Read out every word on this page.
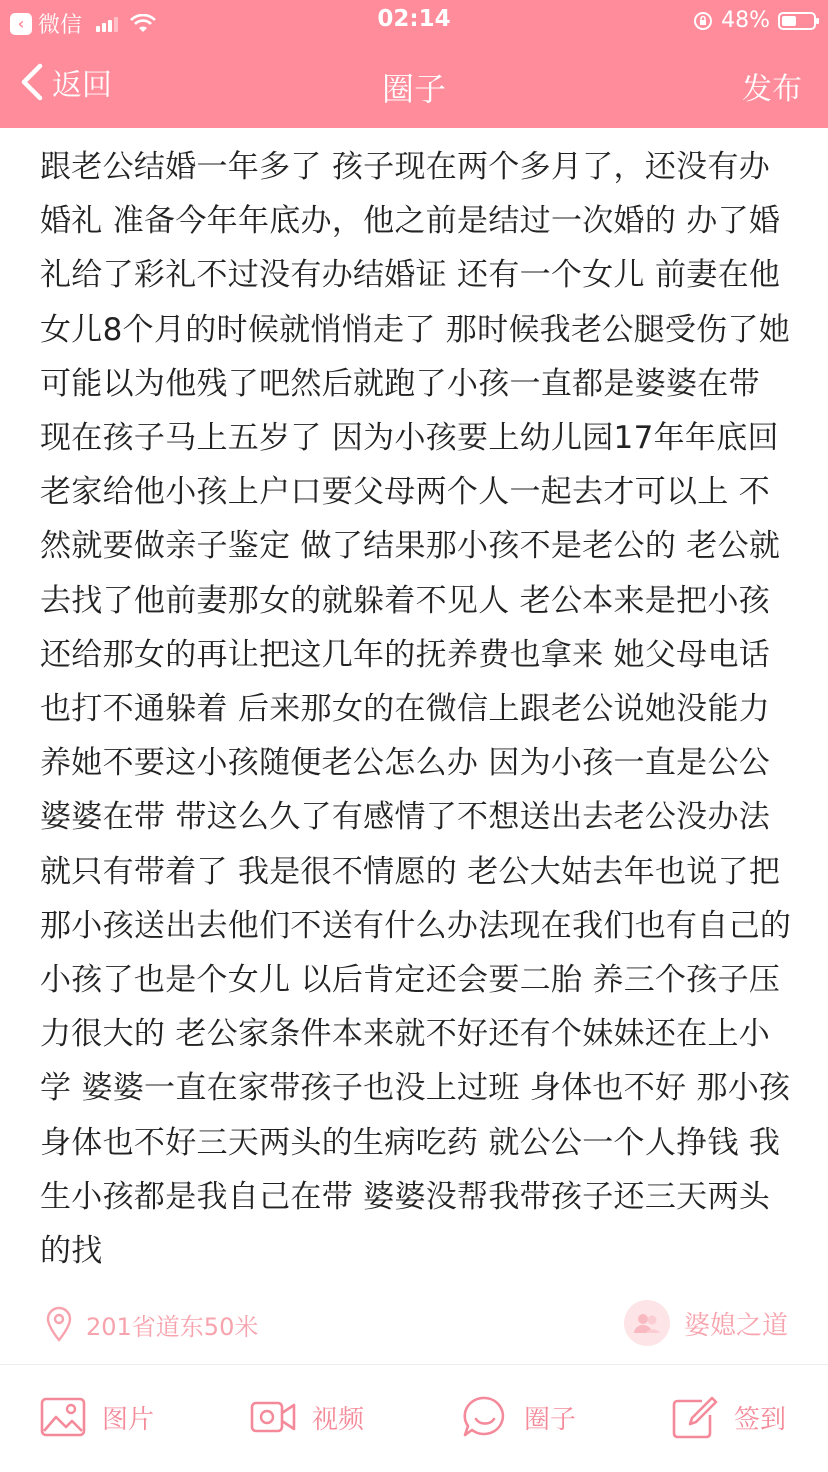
‹ 微信	02:14	48%
返回	圈子	发布
跟老公结婚一年多了 孩子现在两个多月了，还没有办婚礼 准备今年年底办，他之前是结过一次婚的 办了婚礼给了彩礼不过没有办结婚证 还有一个女儿 前妻在他女儿8个月的时候就悄悄走了 那时候我老公腿受伤了她可能以为他残了吧然后就跑了小孩一直都是婆婆在带 现在孩子马上五岁了 因为小孩要上幼儿园17年年底回老家给他小孩上户口要父母两个人一起去才可以上 不然就要做亲子鉴定 做了结果那小孩不是老公的 老公就去找了他前妻那女的就躲着不见人 老公本来是把小孩还给那女的再让把这几年的抚养费也拿来 她父母电话也打不通躲着 后来那女的在微信上跟老公说她没能力养她不要这小孩随便老公怎么办 因为小孩一直是公公婆婆在带 带这么久了有感情了不想送出去老公没办法就只有带着了 我是很不情愿的 老公大姑去年也说了把那小孩送出去他们不送有什么办法现在我们也有自己的小孩了也是个女儿 以后肯定还会要二胎 养三个孩子压力很大的 老公家条件本来就不好还有个妹妹还在上小学 婆婆一直在家带孩子也没上过班 身体也不好 那小孩身体也不好三天两头的生病吃药 就公公一个人挣钱 我生小孩都是我自己在带 婆婆没帮我带孩子还三天两头的找
201省道东50米	婆媳之道
图片	视频	圈子	签到
